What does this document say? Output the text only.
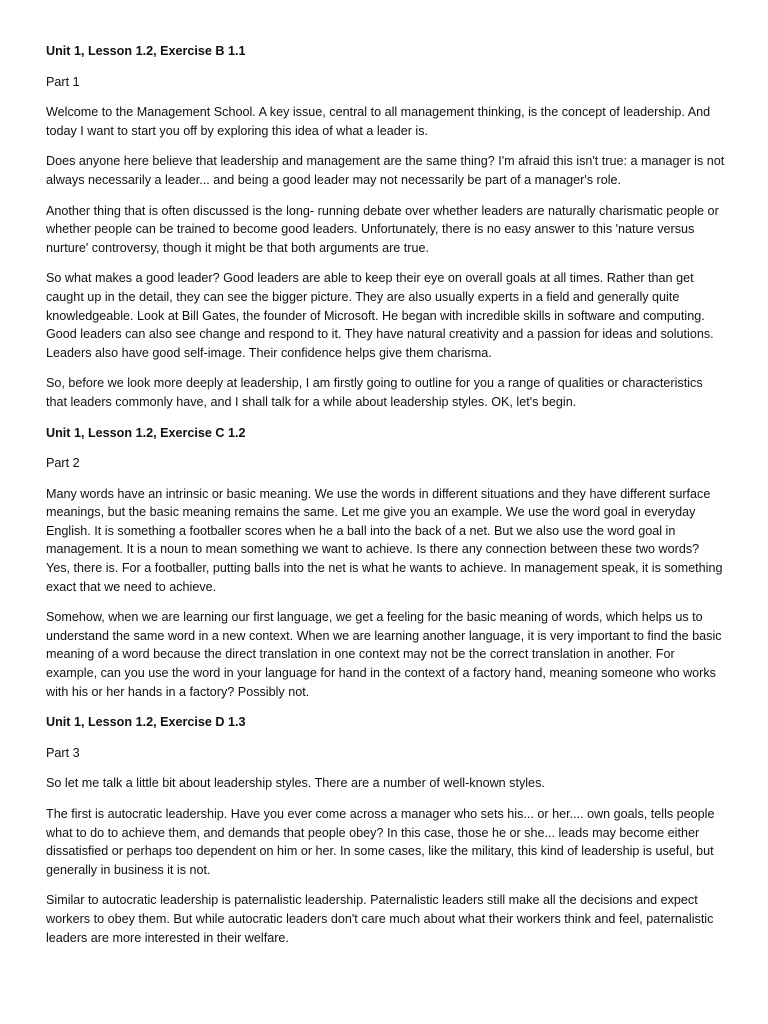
Unit 1, Lesson 1.2, Exercise B 1.1
Part 1

Welcome to the Management School. A key issue, central to all management thinking, is the concept of leadership. And today I want to start you off by exploring this idea of what a leader is.

Does anyone here believe that leadership and management are the same thing? I'm afraid this isn't true: a manager is not always necessarily a leader... and being a good leader may not necessarily be part of a manager's role.

Another thing that is often discussed is the long- running debate over whether leaders are naturally charismatic people or whether people can be trained to become good leaders. Unfortunately, there is no easy answer to this 'nature versus nurture' controversy, though it might be that both arguments are true.

So what makes a good leader? Good leaders are able to keep their eye on overall goals at all times. Rather than get caught up in the detail, they can see the bigger picture. They are also usually experts in a field and generally quite knowledgeable. Look at Bill Gates, the founder of Microsoft. He began with incredible skills in software and computing. Good leaders can also see change and respond to it. They have natural creativity and a passion for ideas and solutions. Leaders also have good self-image. Their confidence helps give them charisma.

So, before we look more deeply at leadership, I am firstly going to outline for you a range of qualities or characteristics that leaders commonly have, and I shall talk for a while about leadership styles. OK, let's begin.

Unit 1, Lesson 1.2, Exercise C 1.2
Part 2

Many words have an intrinsic or basic meaning. We use the words in different situations and they have different surface meanings, but the basic meaning remains the same. Let me give you an example. We use the word goal in everyday English. It is something a footballer scores when he a ball into the back of a net. But we also use the word goal in management. It is a noun to mean something we want to achieve. Is there any connection between these two words? Yes, there is. For a footballer, putting balls into the net is what he wants to achieve. In management speak, it is something exact that we need to achieve.

Somehow, when we are learning our first language, we get a feeling for the basic meaning of words, which helps us to understand the same word in a new context. When we are learning another language, it is very important to find the basic meaning of a word because the direct translation in one context may not be the correct translation in another. For example, can you use the word in your language for hand in the context of a factory hand, meaning someone who works with his or her hands in a factory? Possibly not.

Unit 1, Lesson 1.2, Exercise D 1.3
Part 3

So let me talk a little bit about leadership styles. There are a number of well-known styles.

The first is autocratic leadership. Have you ever come across a manager who sets his... or her.... own goals, tells people what to do to achieve them, and demands that people obey? In this case, those he or she... leads may become either dissatisfied or perhaps too dependent on him or her. In some cases, like the military, this kind of leadership is useful, but generally in business it is not.

Similar to autocratic leadership is paternalistic leadership. Paternalistic leaders still make all the decisions and expect workers to obey them. But while autocratic leaders don't care much about what their workers think and feel, paternalistic leaders are more interested in their welfare.
